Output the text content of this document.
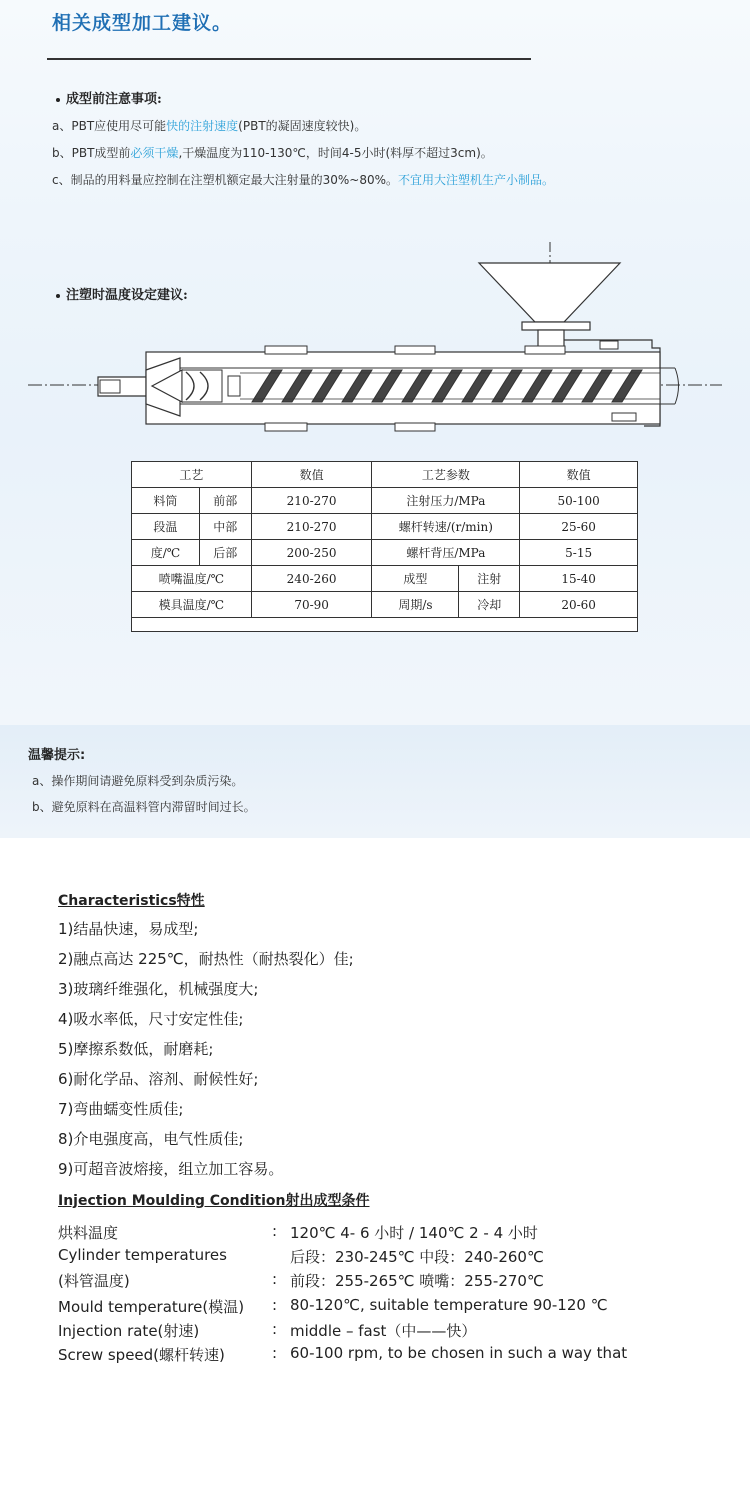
相关成型加工建议。
成型前注意事项:
a、PBT应使用尽可能快的注射速度(PBT的凝固速度较快)。
b、PBT成型前必须干燥,干燥温度为110-130℃，时间4-5小时(料厚不超过3cm)。
c、制品的用料量应控制在注塑机额定最大注射量的30%~80%。不宜用大注塑机生产小制品。
注塑时温度设定建议:
工艺		数值	工艺参数		数值
料筒	前部	210-270	注射压力/MPa		50-100
段温	中部	210-270	螺杆转速/(r/min)		25-60
度/℃	后部	200-250	螺杆背压/MPa		5-15
喷嘴温度/℃		240-260	成型	注射	15-40
模具温度/℃		70-90	周期/s	冷却	20-60

温馨提示:
a、操作期间请避免原料受到杂质污染。
b、避免原料在高温料管内滞留时间过长。
Characteristics特性
1)结晶快速，易成型;
2)融点高达 225℃，耐热性（耐热裂化）佳;
3)玻璃纤维强化，机械强度大;
4)吸水率低，尺寸安定性佳;
5)摩擦系数低，耐磨耗;
6)耐化学品、溶剂、耐候性好;
7)弯曲蠕变性质佳;
8)介电强度高，电气性质佳;
9)可超音波熔接，组立加工容易。
Injection Moulding Condition射出成型条件
烘料温度	: 120℃ 4- 6 小时 / 140℃ 2 - 4 小时
Cylinder temperatures	后段：230-245℃ 中段：240-260℃
(料管温度)	: 前段：255-265℃ 喷嘴：255-270℃
Mould temperature(模温) : 80-120℃, suitable temperature 90-120 ℃
Injection rate(射速)	: middle – fast（中——快）
Screw speed(螺杆转速)	: 60-100 rpm, to be chosen in such a way that
